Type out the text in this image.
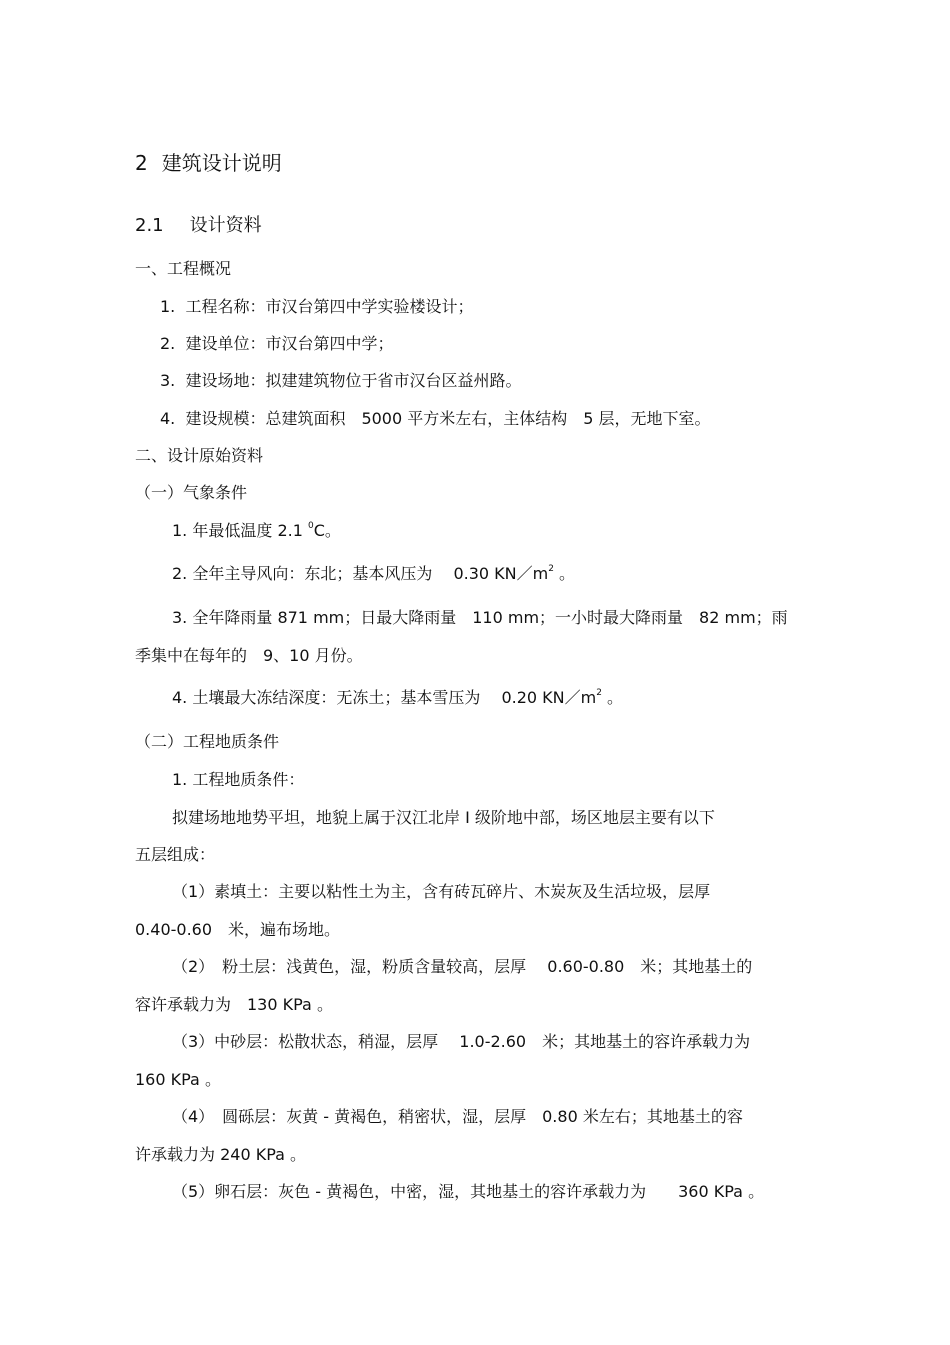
2 建筑设计说明
2.1 设计资料
一、工程概况
1. 工程名称：市汉台第四中学实验楼设计；
2. 建设单位：市汉台第四中学；
3. 建设场地：拟建建筑物位于省市汉台区益州路。
4. 建设规模：总建筑面积　5000 平方米左右，主体结构　5 层，无地下室。
二、设计原始资料
（一）气象条件
1. 年最低温度 2.1 $^0$C。
2. 全年主导风向：东北；基本风压为　 0.30 $KN/m^2$ 。
3. 全年降雨量 871 mm；日最大降雨量　110 mm；一小时最大降雨量　82 mm；雨
季集中在每年的　9、10 月份。
4. 土壤最大冻结深度：无冻土；基本雪压为　 0.20 $KN/m^2$ 。
（二）工程地质条件
1. 工程地质条件：
拟建场地地势平坦，地貌上属于汉江北岸 I 级阶地中部，场区地层主要有以下
五层组成：
（1）素填土：主要以粘性土为主，含有砖瓦碎片、木炭灰及生活垃圾，层厚
0.40-0.60　米，遍布场地。
（2）　粉土层：浅黄色，湿，粉质含量较高，层厚　 0.60-0.80　米；其地基土的
容许承载力为　130 KPa 。
（3）中砂层：松散状态，稍湿，层厚　 1.0-2.60　米；其地基土的容许承载力为
160 KPa 。
（4）　圆砾层：灰黄 - 黄褐色，稍密状，湿，层厚　0.80 米左右；其地基土的容
许承载力为 240 KPa 。
（5）卵石层：灰色 - 黄褐色，中密，湿，其地基土的容许承载力为　　360 KPa 。
